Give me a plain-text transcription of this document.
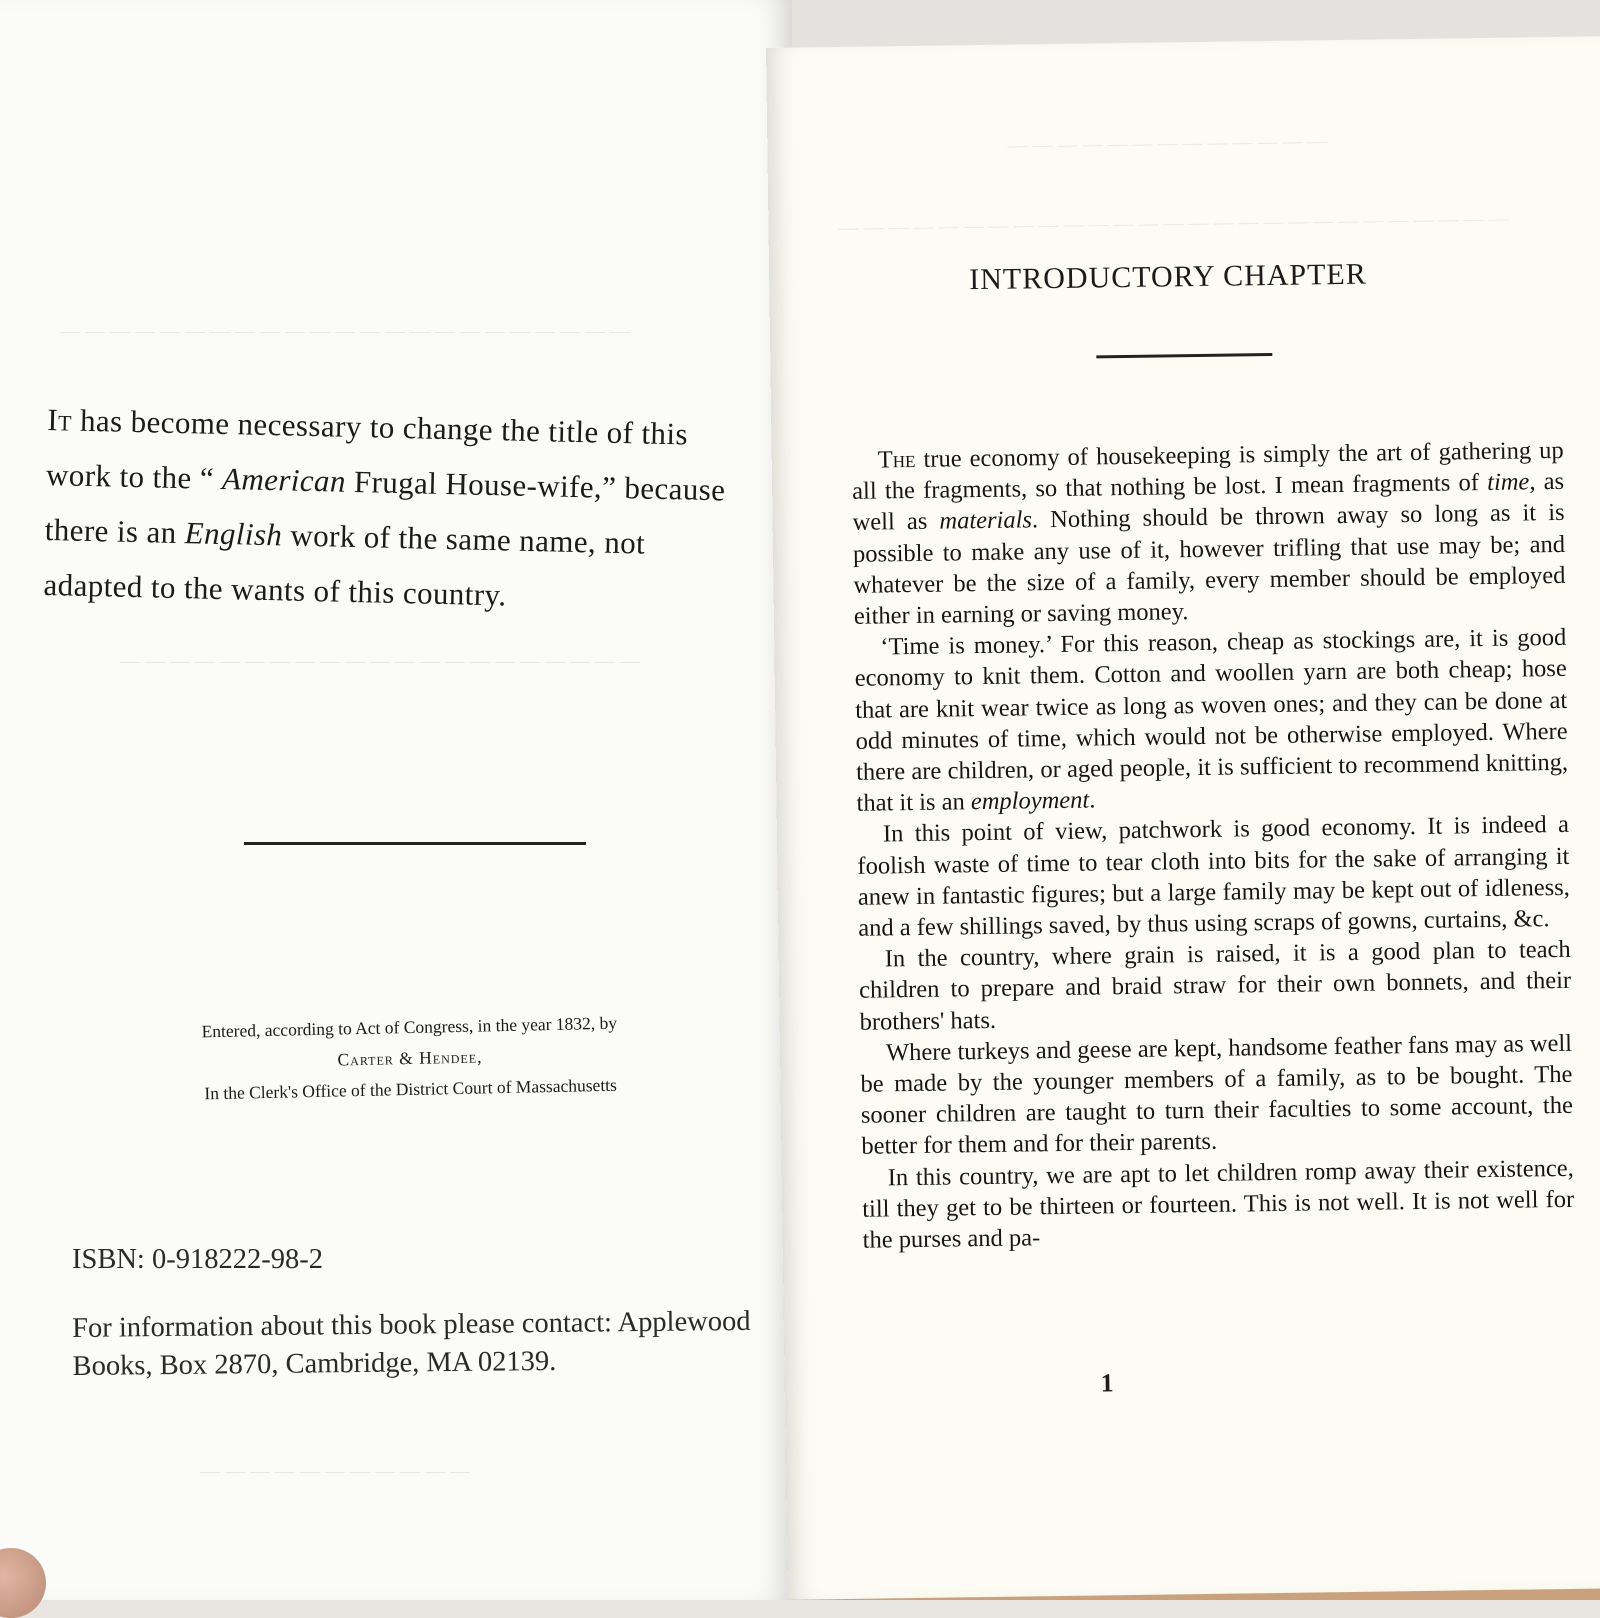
— — — — — — — — — — — — — — — — — — — — — — —
— — — — — — — — — — — — — — — — — — — — —
— — — — — — — — — — —
It has become necessary to change the title of this work to the “ American Frugal House-wife,” because there is an English work of the same name, not adapted to the wants of this country.
Entered, according to Act of Congress, in the year 1832, by
Carter & Hendee,
In the Clerk's Office of the District Court of Massachusetts
ISBN: 0-918222-98-2
For information about this book please contact: Applewood Books, Box 2870, Cambridge, MA 02139.
— — — — — — — — — — — — —
— — — — — — — — — — — — — — — — — — — — — — — — — — —
INTRODUCTORY CHAPTER

The true economy of housekeeping is simply the art of gathering up all the fragments, so that nothing be lost. I mean fragments of time, as well as materials. Nothing should be thrown away so long as it is possible to make any use of it, however trifling that use may be; and whatever be the size of a family, every member should be employed either in earning or saving money.

‘Time is money.’ For this reason, cheap as stockings are, it is good economy to knit them. Cotton and woollen yarn are both cheap; hose that are knit wear twice as long as woven ones; and they can be done at odd minutes of time, which would not be otherwise employed. Where there are children, or aged people, it is sufficient to recommend knitting, that it is an employment.

In this point of view, patchwork is good economy. It is indeed a foolish waste of time to tear cloth into bits for the sake of arranging it anew in fantastic figures; but a large family may be kept out of idleness, and a few shillings saved, by thus using scraps of gowns, curtains, &c.

In the country, where grain is raised, it is a good plan to teach children to prepare and braid straw for their own bonnets, and their brothers' hats.

Where turkeys and geese are kept, handsome feather fans may as well be made by the younger members of a family, as to be bought. The sooner children are taught to turn their faculties to some account, the better for them and for their parents.

In this country, we are apt to let children romp away their existence, till they get to be thirteen or fourteen. This is not well. It is not well for the purses and pa-

1
